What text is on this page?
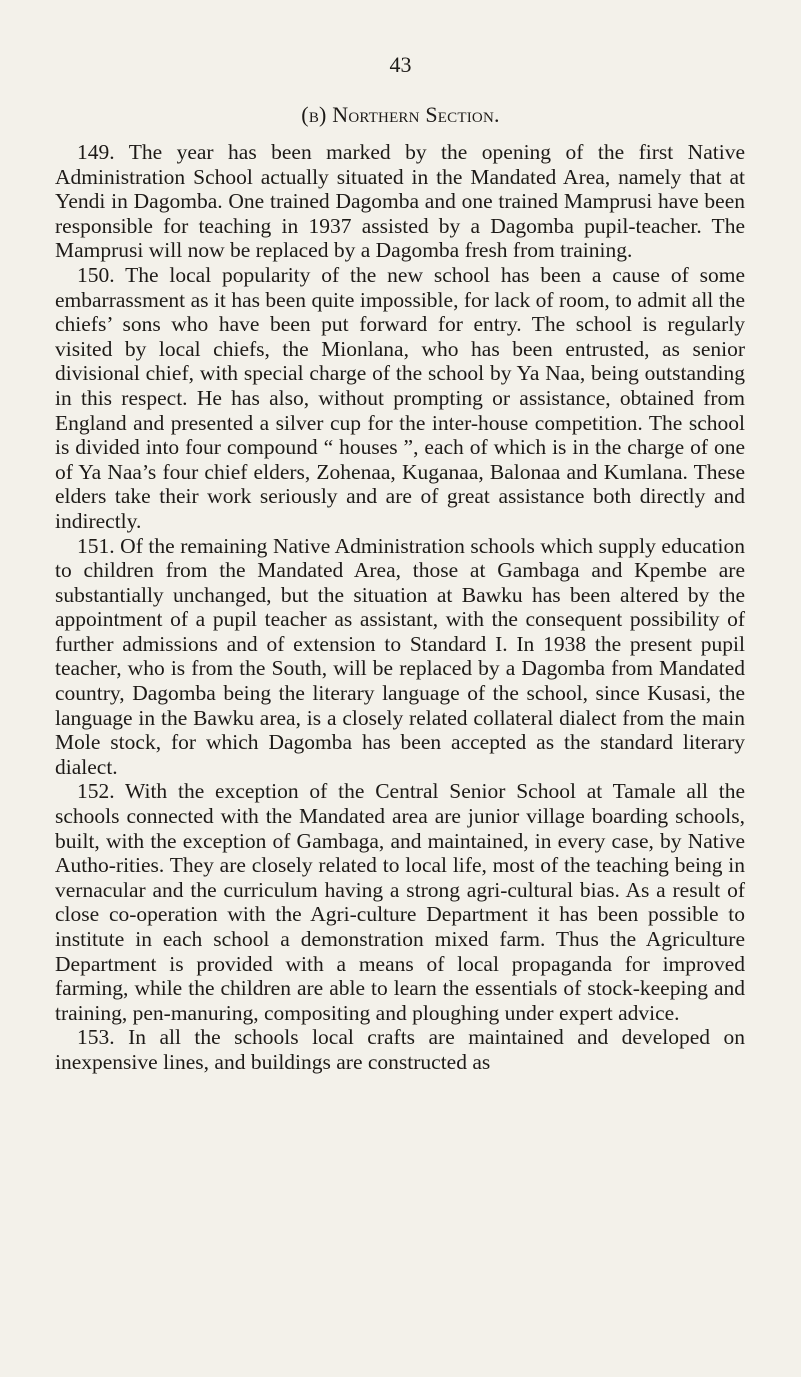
43
(b) Northern Section.

149. The year has been marked by the opening of the first Native Administration School actually situated in the Mandated Area, namely that at Yendi in Dagomba. One trained Dagomba and one trained Mamprusi have been responsible for teaching in 1937 assisted by a Dagomba pupil-teacher. The Mamprusi will now be replaced by a Dagomba fresh from training.

150. The local popularity of the new school has been a cause of some embarrassment as it has been quite impossible, for lack of room, to admit all the chiefs’ sons who have been put forward for entry. The school is regularly visited by local chiefs, the Mionlana, who has been entrusted, as senior divisional chief, with special charge of the school by Ya Naa, being outstanding in this respect. He has also, without prompting or assistance, obtained from England and presented a silver cup for the inter-house competition. The school is divided into four compound “ houses ”, each of which is in the charge of one of Ya Naa’s four chief elders, Zohenaa, Kuganaa, Balonaa and Kumlana. These elders take their work seriously and are of great assistance both directly and indirectly.

151. Of the remaining Native Administration schools which supply education to children from the Mandated Area, those at Gambaga and Kpembe are substantially unchanged, but the situation at Bawku has been altered by the appointment of a pupil teacher as assistant, with the consequent possibility of further admissions and of extension to Standard I. In 1938 the present pupil teacher, who is from the South, will be replaced by a Dagomba from Mandated country, Dagomba being the literary language of the school, since Kusasi, the language in the Bawku area, is a closely related collateral dialect from the main Mole stock, for which Dagomba has been accepted as the standard literary dialect.

152. With the exception of the Central Senior School at Tamale all the schools connected with the Mandated area are junior village boarding schools, built, with the exception of Gambaga, and maintained, in every case, by Native Autho-rities. They are closely related to local life, most of the teaching being in vernacular and the curriculum having a strong agri-cultural bias. As a result of close co-operation with the Agri-culture Department it has been possible to institute in each school a demonstration mixed farm. Thus the Agriculture Department is provided with a means of local propaganda for improved farming, while the children are able to learn the essentials of stock-keeping and training, pen-manuring, compositing and ploughing under expert advice.

153. In all the schools local crafts are maintained and developed on inexpensive lines, and buildings are constructed as
